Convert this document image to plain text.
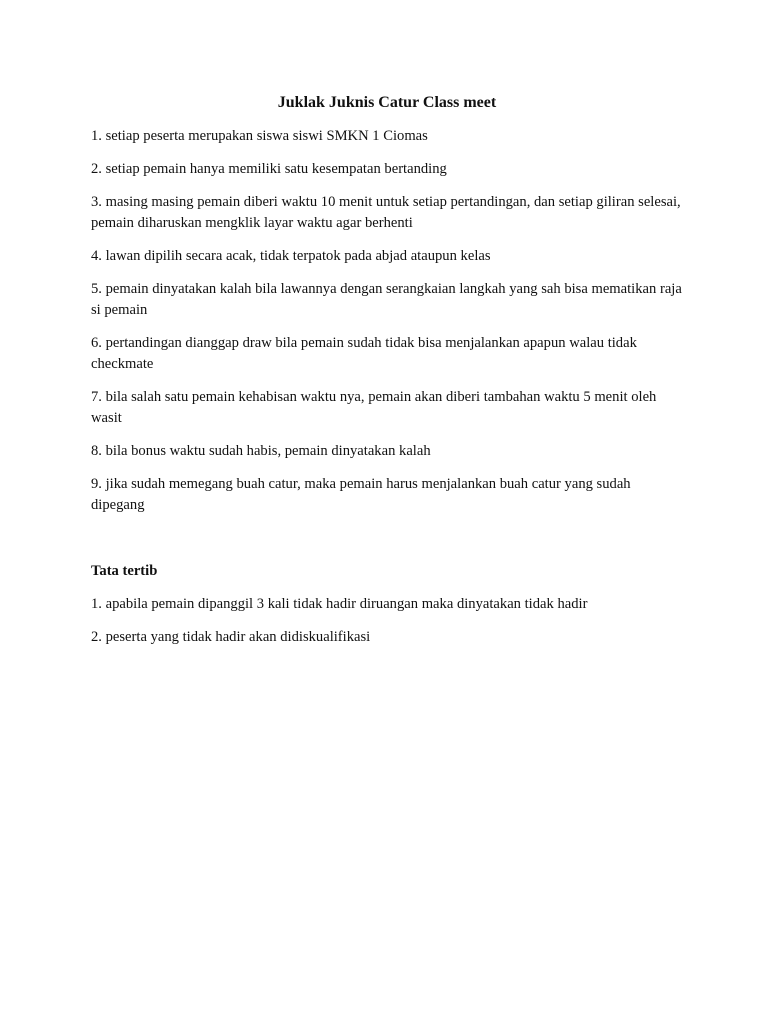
Juklak Juknis Catur Class meet

1. setiap peserta merupakan siswa siswi SMKN 1 Ciomas

2. setiap pemain hanya memiliki satu kesempatan bertanding

3. masing masing pemain diberi waktu 10 menit untuk setiap pertandingan, dan setiap giliran selesai, pemain diharuskan mengklik layar waktu agar berhenti

4. lawan dipilih secara acak, tidak terpatok pada abjad ataupun kelas

5. pemain dinyatakan kalah bila lawannya dengan serangkaian langkah yang sah bisa mematikan raja si pemain

6. pertandingan dianggap draw bila pemain sudah tidak bisa menjalankan apapun walau tidak checkmate

7. bila salah satu pemain kehabisan waktu nya, pemain akan diberi tambahan waktu 5 menit oleh wasit

8. bila bonus waktu sudah habis, pemain dinyatakan kalah

9. jika sudah memegang buah catur, maka pemain harus menjalankan buah catur yang sudah dipegang

Tata tertib

1. apabila pemain dipanggil 3 kali tidak hadir diruangan maka dinyatakan tidak hadir

2. peserta yang tidak hadir akan didiskualifikasi
